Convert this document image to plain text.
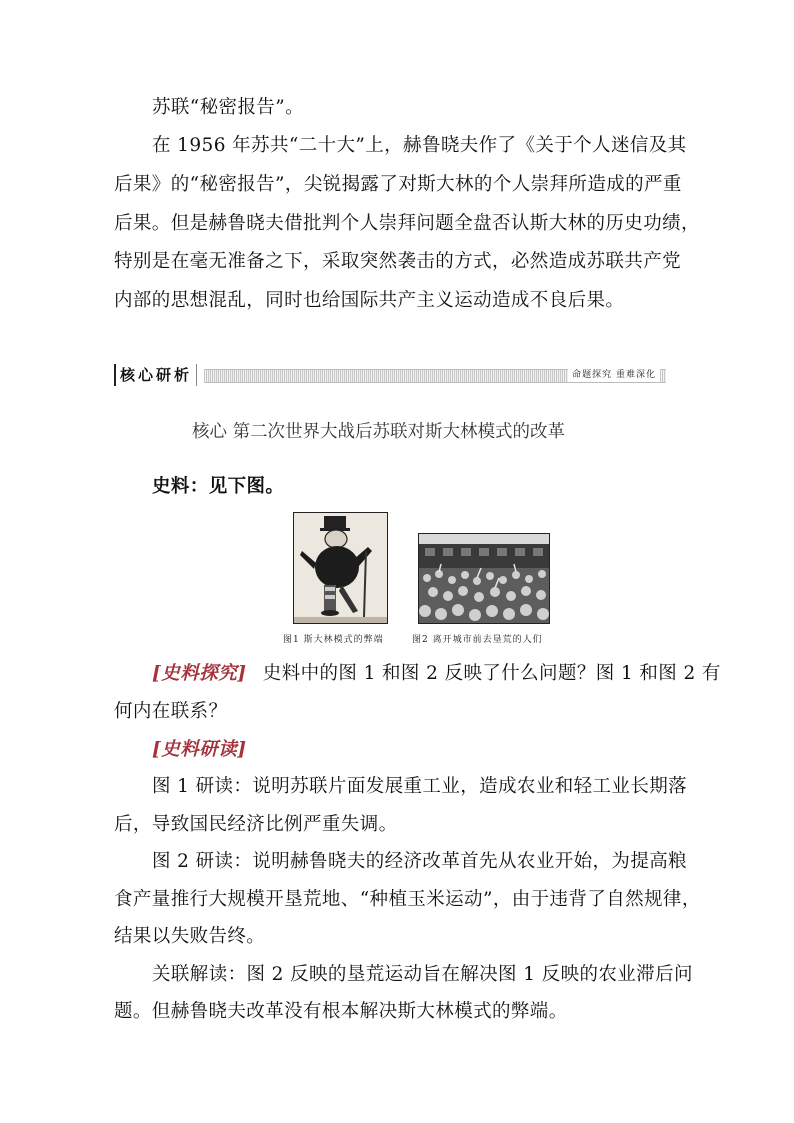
苏联“秘密报告”。
在 1956 年苏共“二十大”上，赫鲁晓夫作了《关于个人迷信及其
后果》的“秘密报告”，尖锐揭露了对斯大林的个人崇拜所造成的严重
后果。但是赫鲁晓夫借批判个人崇拜问题全盘否认斯大林的历史功绩，
特别是在毫无准备之下，采取突然袭击的方式，必然造成苏联共产党
内部的思想混乱，同时也给国际共产主义运动造成不良后果。
核心研析	命题探究 重难深化
核心 第二次世界大战后苏联对斯大林模式的改革
史料：见下图。
图1 斯大林模式的弊端	图2 离开城市前去垦荒的人们
[史料探究] 史料中的图 1 和图 2 反映了什么问题？图 1 和图 2 有
何内在联系？
[史料研读]
图 1 研读：说明苏联片面发展重工业，造成农业和轻工业长期落
后，导致国民经济比例严重失调。
图 2 研读：说明赫鲁晓夫的经济改革首先从农业开始，为提高粮
食产量推行大规模开垦荒地、“种植玉米运动”，由于违背了自然规律，
结果以失败告终。
关联解读：图 2 反映的垦荒运动旨在解决图 1 反映的农业滞后问
题。但赫鲁晓夫改革没有根本解决斯大林模式的弊端。
